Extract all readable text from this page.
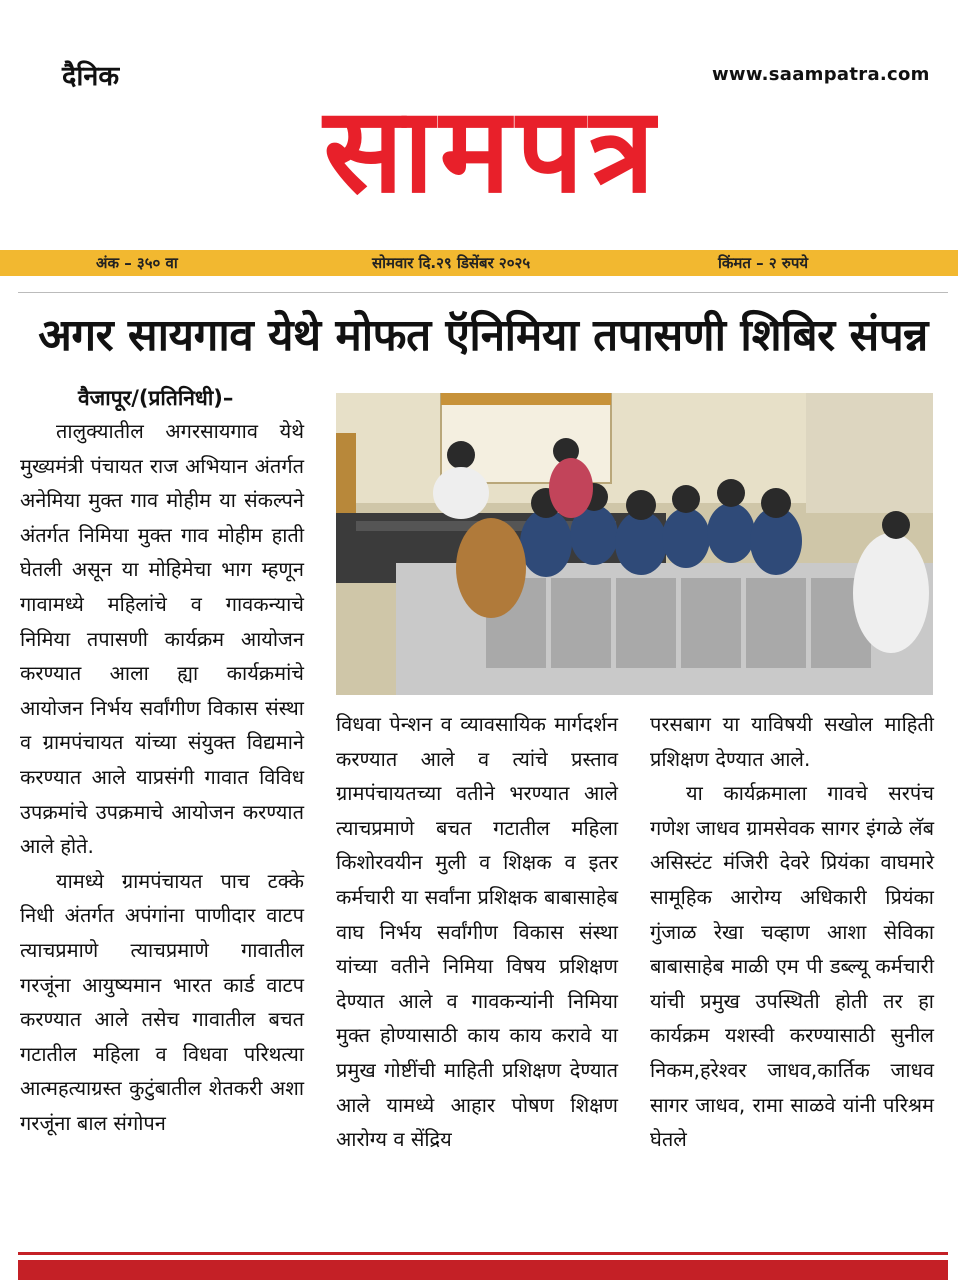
दैनिक	www.saampatra.com
सामपत्र
अंक – ३५० वा	सोमवार दि.२९ डिसेंबर २०२५	किंमत – २ रुपये
अगर सायगाव येथे मोफत ऍनिमिया तपासणी शिबिर संपन्न
वैजापूर/(प्रतिनिधी)–

तालुक्यातील अगरसायगाव येथे मुख्यमंत्री पंचायत राज अभियान अंतर्गत अनेमिया मुक्त गाव मोहीम या संकल्पने अंतर्गत निमिया मुक्त गाव मोहीम हाती घेतली असून या मोहिमेचा भाग म्हणून गावामध्ये महिलांचे व गावकन्याचे निमिया तपासणी कार्यक्रम आयोजन करण्यात आला ह्या कार्यक्रमांचे आयोजन निर्भय सर्वांगीण विकास संस्था व ग्रामपंचायत यांच्या संयुक्त विद्यमाने करण्यात आले याप्रसंगी गावात विविध उपक्रमांचे उपक्रमाचे आयोजन करण्यात आले होते.

यामध्ये ग्रामपंचायत पाच टक्के निधी अंतर्गत अपंगांना पाणीदार वाटप त्याचप्रमाणे त्याचप्रमाणे गावातील गरजूंना आयुष्यमान भारत कार्ड वाटप करण्यात आले तसेच गावातील बचत गटातील महिला व विधवा परिथत्या आत्महत्याग्रस्त कुटुंबातील शेतकरी अशा गरजूंना बाल संगोपन

विधवा पेन्शन व व्यावसायिक मार्गदर्शन करण्यात आले व त्यांचे प्रस्ताव ग्रामपंचायतच्या वतीने भरण्यात आले त्याचप्रमाणे बचत गटातील महिला किशोरवयीन मुली व शिक्षक व इतर कर्मचारी या सर्वांना प्रशिक्षक बाबासाहेब वाघ निर्भय सर्वांगीण विकास संस्था यांच्या वतीने निमिया विषय प्रशिक्षण देण्यात आले व गावकन्यांनी निमिया मुक्त होण्यासाठी काय काय करावे या प्रमुख गोष्टींची माहिती प्रशिक्षण देण्यात आले यामध्ये आहार पोषण शिक्षण आरोग्य व सेंद्रिय

परसबाग या याविषयी सखोल माहिती प्रशिक्षण देण्यात आले.

या कार्यक्रमाला गावचे सरपंच गणेश जाधव ग्रामसेवक सागर इंगळे लॅब असिस्टंट मंजिरी देवरे प्रियंका वाघमारे सामूहिक आरोग्य अधिकारी प्रियंका गुंजाळ रेखा चव्हाण आशा सेविका बाबासाहेब माळी एम पी डब्ल्यू कर्मचारी यांची प्रमुख उपस्थिती होती तर हा कार्यक्रम यशस्वी करण्यासाठी सुनील निकम,हरेश्वर जाधव,कार्तिक जाधव सागर जाधव, रामा साळवे यांनी परिश्रम घेतले
